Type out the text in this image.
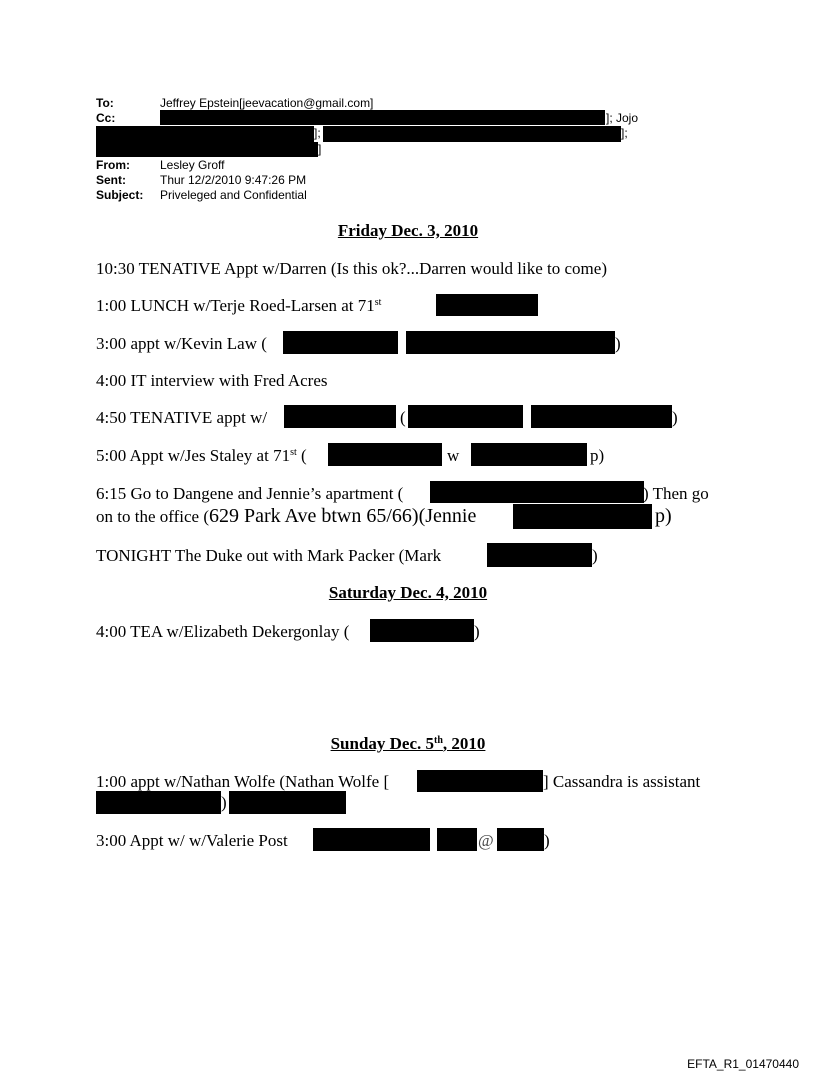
To:	Jeffrey Epstein[jeevacation@gmail.com]
Cc:	]; Jojo
];	];
]
From:	Lesley Groff
Sent:	Thur 12/2/2010 9:47:26 PM
Subject: Priveleged and Confidential
Friday Dec. 3, 2010
10:30 TENATIVE Appt w/Darren (Is this ok?...Darren would like to come)
1:00 LUNCH w/Terje Roed-Larsen at 71st
3:00 appt w/Kevin Law (	)
4:00 IT interview with Fred Acres
4:50 TENATIVE appt w/	(	)
5:00 Appt w/Jes Staley at 71st (	w	p)
6:15 Go to Dangene and Jennie’s apartment (	) Then go
on to the office (629 Park Ave btwn 65/66)(Jennie	p)
TONIGHT The Duke out with Mark Packer (Mark	)
Saturday Dec. 4, 2010
4:00 TEA w/Elizabeth Dekergonlay (	)
Sunday Dec. 5th, 2010
1:00 appt w/Nathan Wolfe (Nathan Wolfe [	] Cassandra is assistant
)
3:00 Appt w/ w/Valerie Post	@	)
EFTA_R1_01470440
